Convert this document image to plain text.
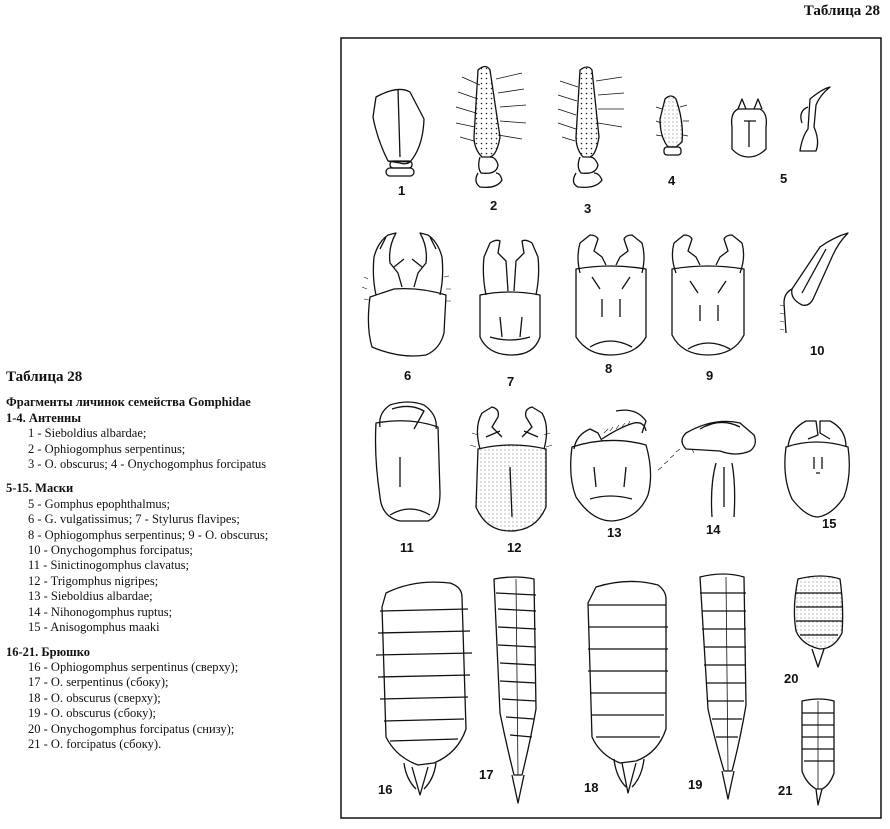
Таблица 28
1
2	3
4	5
6	7
8	9
10
11	12
13	14	15
16
17
18	19
20
21
Таблица 28
Фрагменты личинок семейства Gomphidae
1-4. Антенны
1 - Sieboldius albardae;
2 - Ophiogomphus serpentinus;
3 - O. obscurus; 4 - Onychogomphus forcipatus
5-15. Маски
5 - Gomphus epophthalmus;
6 - G. vulgatissimus; 7 - Stylurus flavipes;
8 - Ophiogomphus serpentinus; 9 - O. obscurus;
10 - Onychogomphus forcipatus;
11 - Sinictinogomphus clavatus;
12 - Trigomphus nigripes;
13 - Sieboldius albardae;
14 - Nihonogomphus ruptus;
15 - Anisogomphus maaki
16-21. Брюшко
16 - Ophiogomphus serpentinus (сверху);
17 - O. serpentinus (сбоку);
18 - O. obscurus (сверху);
19 - O. obscurus (сбоку);
20 - Onychogomphus forcipatus (снизу);
21 - O. forcipatus (сбоку).
